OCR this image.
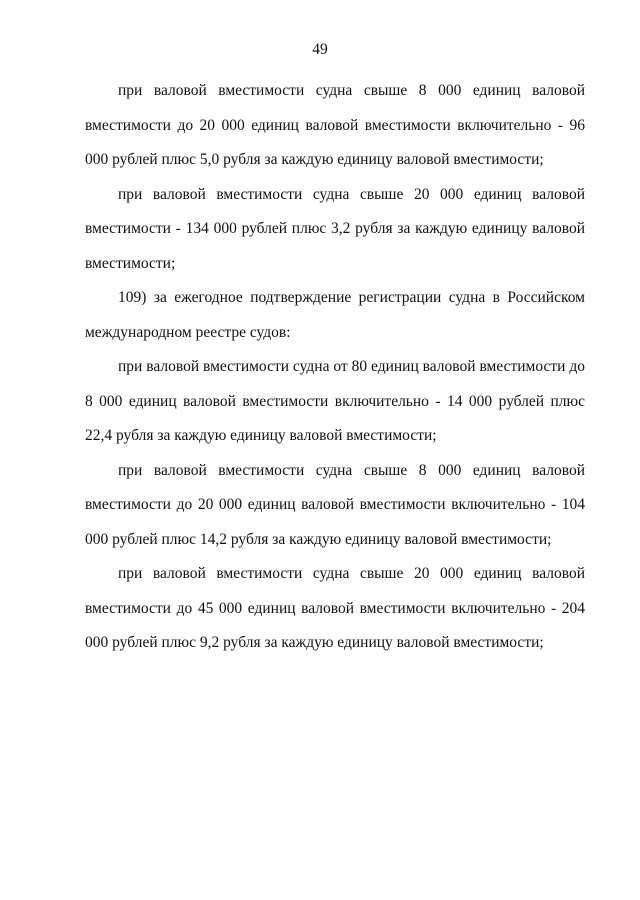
49

при валовой вместимости судна свыше 8 000 единиц валовой вместимости до 20 000 единиц валовой вместимости включительно - 96 000 рублей плюс 5,0 рубля за каждую единицу валовой вместимости;

при валовой вместимости судна свыше 20 000 единиц валовой вместимости - 134 000 рублей плюс 3,2 рубля за каждую единицу валовой вместимости;

109) за ежегодное подтверждение регистрации судна в Российском международном реестре судов:

при валовой вместимости судна от 80 единиц валовой вместимости до 8 000 единиц валовой вместимости включительно - 14 000 рублей плюс 22,4 рубля за каждую единицу валовой вместимости;

при валовой вместимости судна свыше 8 000 единиц валовой вместимости до 20 000 единиц валовой вместимости включительно - 104 000 рублей плюс 14,2 рубля за каждую единицу валовой вместимости;

при валовой вместимости судна свыше 20 000 единиц валовой вместимости до 45 000 единиц валовой вместимости включительно - 204 000 рублей плюс 9,2 рубля за каждую единицу валовой вместимости;
